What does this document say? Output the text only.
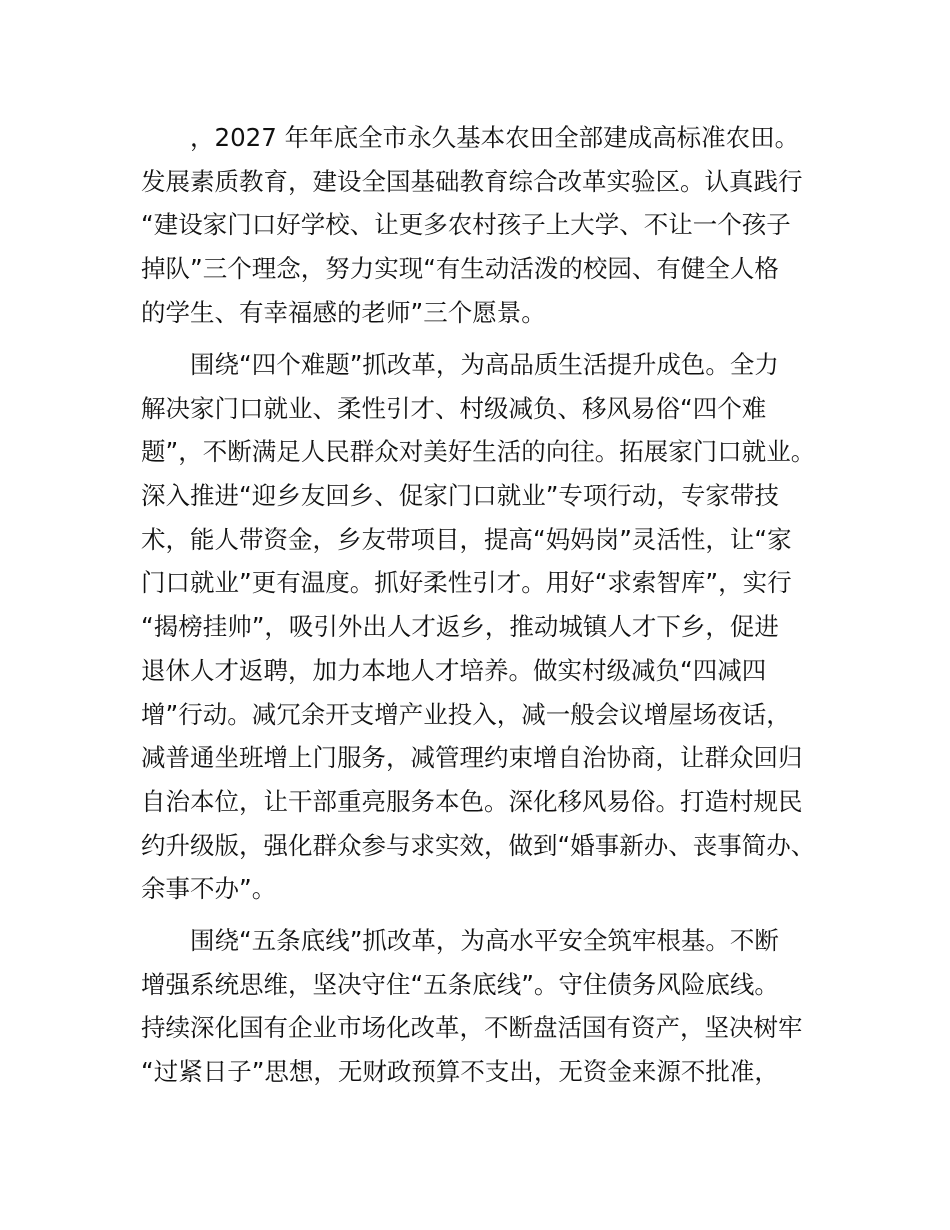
，2027 年年底全市永久基本农田全部建成高标准农田。
发展素质教育，建设全国基础教育综合改革实验区。认真践行
“建设家门口好学校、让更多农村孩子上大学、不让一个孩子
掉队”三个理念，努力实现“有生动活泼的校园、有健全人格
的学生、有幸福感的老师”三个愿景。
围绕“四个难题”抓改革，为高品质生活提升成色。全力
解决家门口就业、柔性引才、村级减负、移风易俗“四个难
题”，不断满足人民群众对美好生活的向往。拓展家门口就业。
深入推进“迎乡友回乡、促家门口就业”专项行动，专家带技
术，能人带资金，乡友带项目，提高“妈妈岗”灵活性，让“家
门口就业”更有温度。抓好柔性引才。用好“求索智库”，实行
“揭榜挂帅”，吸引外出人才返乡，推动城镇人才下乡，促进
退休人才返聘，加力本地人才培养。做实村级减负“四减四
增”行动。减冗余开支增产业投入，减一般会议增屋场夜话，
减普通坐班增上门服务，减管理约束增自治协商，让群众回归
自治本位，让干部重亮服务本色。深化移风易俗。打造村规民
约升级版，强化群众参与求实效，做到“婚事新办、丧事简办、
余事不办”。
围绕“五条底线”抓改革，为高水平安全筑牢根基。不断
增强系统思维，坚决守住“五条底线”。守住债务风险底线。
持续深化国有企业市场化改革，不断盘活国有资产，坚决树牢
“过紧日子”思想，无财政预算不支出，无资金来源不批准，
